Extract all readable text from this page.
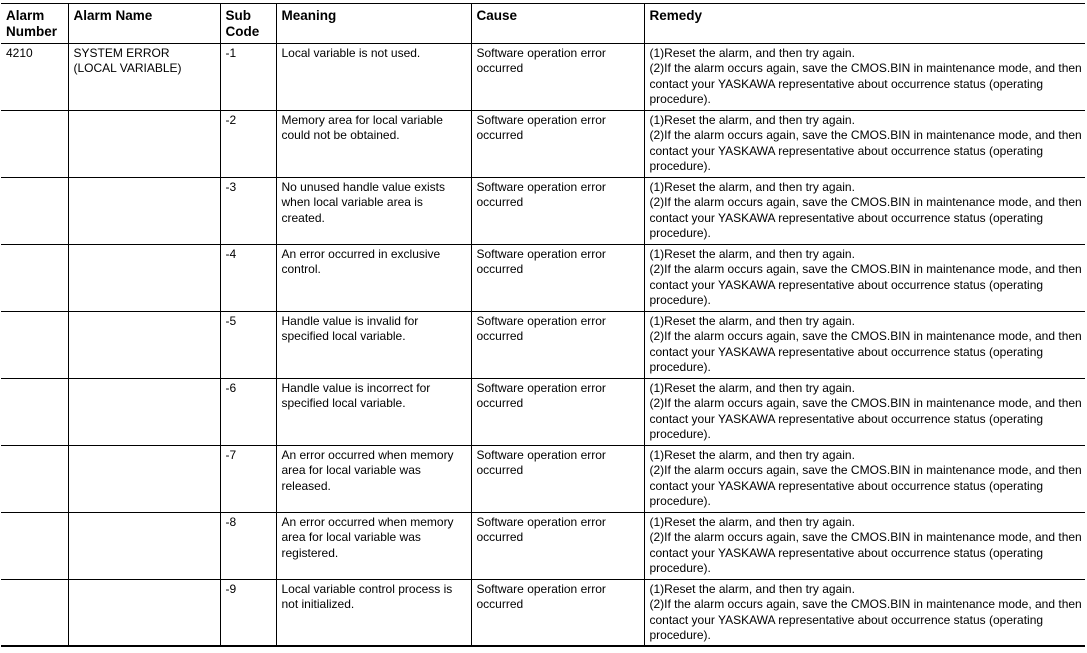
Alarm Number	Alarm Name	Sub Code	Meaning	Cause	Remedy
4210	SYSTEM ERROR (LOCAL VARIABLE)	-1	Local variable is not used.	Software operation error occurred	(1)Reset the alarm, and then try again.
(2)If the alarm occurs again, save the CMOS.BIN in maintenance mode, and then contact your YASKAWA representative about occurrence status (operating procedure).

		-2	Memory area for local variable could not be obtained.	Software operation error occurred	(1)Reset the alarm, and then try again.
(2)If the alarm occurs again, save the CMOS.BIN in maintenance mode, and then contact your YASKAWA representative about occurrence status (operating procedure).

		-3	No unused handle value exists when local variable area is created.	Software operation error occurred	(1)Reset the alarm, and then try again.
(2)If the alarm occurs again, save the CMOS.BIN in maintenance mode, and then contact your YASKAWA representative about occurrence status (operating procedure).

		-4	An error occurred in exclusive control.	Software operation error occurred	(1)Reset the alarm, and then try again.
(2)If the alarm occurs again, save the CMOS.BIN in maintenance mode, and then contact your YASKAWA representative about occurrence status (operating procedure).

		-5	Handle value is invalid for specified local variable.	Software operation error occurred	(1)Reset the alarm, and then try again.
(2)If the alarm occurs again, save the CMOS.BIN in maintenance mode, and then contact your YASKAWA representative about occurrence status (operating procedure).

		-6	Handle value is incorrect for specified local variable.	Software operation error occurred	(1)Reset the alarm, and then try again.
(2)If the alarm occurs again, save the CMOS.BIN in maintenance mode, and then contact your YASKAWA representative about occurrence status (operating procedure).

		-7	An error occurred when memory area for local variable was released.	Software operation error occurred	(1)Reset the alarm, and then try again.
(2)If the alarm occurs again, save the CMOS.BIN in maintenance mode, and then contact your YASKAWA representative about occurrence status (operating procedure).

		-8	An error occurred when memory area for local variable was registered.	Software operation error occurred	(1)Reset the alarm, and then try again.
(2)If the alarm occurs again, save the CMOS.BIN in maintenance mode, and then contact your YASKAWA representative about occurrence status (operating procedure).

		-9	Local variable control process is not initialized.	Software operation error occurred	(1)Reset the alarm, and then try again.
(2)If the alarm occurs again, save the CMOS.BIN in maintenance mode, and then contact your YASKAWA representative about occurrence status (operating procedure).
